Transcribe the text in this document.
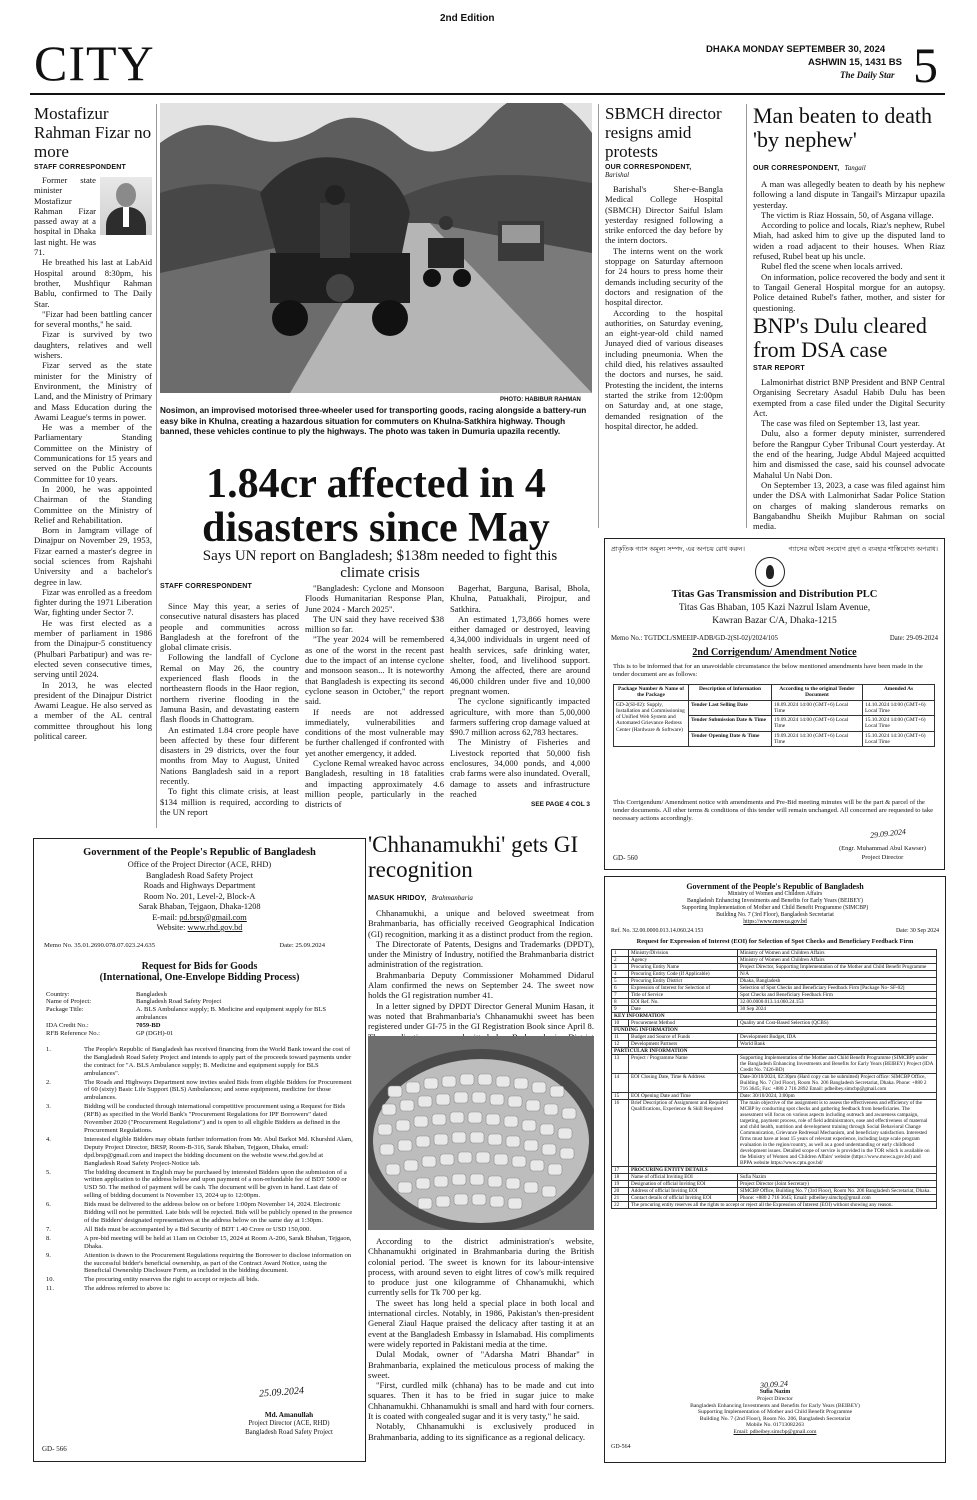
2nd Edition
CITY	DHAKA MONDAY SEPTEMBER 30, 2024
ASHWIN 15, 1431 BS
The Daily Star 5
Mostafizur Rahman Fizar no more
STAFF CORRESPONDENT

Former state minister Mostafizur Rahman Fizar passed away at a hospital in Dhaka last night. He was 71.

He breathed his last at LabAid Hospital around 8:30pm, his brother, Mushfiqur Rahman Bablu, confirmed to The Daily Star.

"Fizar had been battling cancer for several months," he said.

Fizar is survived by two daughters, relatives and well wishers.

Fizar served as the state minister for the Ministry of Environment, the Ministry of Land, and the Ministry of Primary and Mass Education during the Awami League's terms in power.

He was a member of the Parliamentary Standing Committee on the Ministry of Communications for 15 years and served on the Public Accounts Committee for 10 years.

In 2000, he was appointed Chairman of the Standing Committee on the Ministry of Relief and Rehabilitation.

Born in Jamgram village of Dinajpur on November 29, 1953, Fizar earned a master's degree in social sciences from Rajshahi University and a bachelor's degree in law.

Fizar was enrolled as a freedom fighter during the 1971 Liberation War, fighting under Sector 7.

He was first elected as a member of parliament in 1986 from the Dinajpur-5 constituency (Phulbari Parbatipur) and was re-elected seven consecutive times, serving until 2024.

In 2013, he was elected president of the Dinajpur District Awami League. He also served as a member of the AL central committee throughout his long political career.

PHOTO: HABIBUR RAHMAN
Nosimon, an improvised motorised three-wheeler used for transporting goods, racing alongside a battery-run easy bike in Khulna, creating a hazardous situation for commuters on Khulna-Satkhira highway. Though banned, these vehicles continue to ply the highways. The photo was taken in Dumuria upazila recently.
1.84cr affected in 4 disasters since May
Says UN report on Bangladesh; $138m needed to fight this climate crisis
STAFF CORRESPONDENT

Since May this year, a series of consecutive natural disasters has placed people and communities across Bangladesh at the forefront of the global climate crisis.

Following the landfall of Cyclone Remal on May 26, the country experienced flash floods in the northeastern floods in the Haor region, northern riverine flooding in the Jamuna Basin, and devastating eastern flash floods in Chattogram.

An estimated 1.84 crore people have been affected by these four different disasters in 29 districts, over the four months from May to August, United Nations Bangladesh said in a report recently.

To fight this climate crisis, at least $134 million is required, according to the UN report

"Bangladesh: Cyclone and Monsoon Floods Humanitarian Response Plan, June 2024 - March 2025".

The UN said they have received $38 million so far.

"The year 2024 will be remembered as one of the worst in the recent past due to the impact of an intense cyclone and monsoon season... It is noteworthy that Bangladesh is expecting its second cyclone season in October," the report said.

If needs are not addressed immediately, vulnerabilities and conditions of the most vulnerable may be further challenged if confronted with yet another emergency, it added.

Cyclone Remal wreaked havoc across Bangladesh, resulting in 18 fatalities and impacting approximately 4.6 million people, particularly in the districts of

Bagerhat, Barguna, Barisal, Bhola, Khulna, Patuakhali, Pirojpur, and Satkhira.

An estimated 1,73,866 homes were either damaged or destroyed, leaving 4,34,000 individuals in urgent need of health services, safe drinking water, shelter, food, and livelihood support. Among the affected, there are around 46,000 children under five and 10,000 pregnant women.

The cyclone significantly impacted agriculture, with more than 5,00,000 farmers suffering crop damage valued at $90.7 million across 62,783 hectares.

The Ministry of Fisheries and Livestock reported that 50,000 fish enclosures, 34,000 ponds, and 4,000 crab farms were also inundated. Overall, damage to assets and infrastructure reached

SEE PAGE 4 COL 3
SBMCH director resigns amid protests
OUR CORRESPONDENT,
Barishal

Barishal's Sher-e-Bangla Medical College Hospital (SBMCH) Director Saiful Islam yesterday resigned following a strike enforced the day before by the intern doctors.

The interns went on the work stoppage on Saturday afternoon for 24 hours to press home their demands including security of the doctors and resignation of the hospital director.

According to the hospital authorities, on Saturday evening, an eight-year-old child named Junayed died of various diseases including pneumonia. When the child died, his relatives assaulted the doctors and nurses, he said. Protesting the incident, the interns started the strike from 12:00pm on Saturday and, at one stage, demanded resignation of the hospital director, he added.

Man beaten to death 'by nephew'
OUR CORRESPONDENT, Tangail

A man was allegedly beaten to death by his nephew following a land dispute in Tangail's Mirzapur upazila yesterday.

The victim is Riaz Hossain, 50, of Asgana village.

According to police and locals, Riaz's nephew, Rubel Miah, had asked him to give up the disputed land to widen a road adjacent to their houses. When Riaz refused, Rubel beat up his uncle.

Rubel fled the scene when locals arrived.

On information, police recovered the body and sent it to Tangail General Hospital morgue for an autopsy. Police detained Rubel's father, mother, and sister for questioning.

BNP's Dulu cleared from DSA case
STAR REPORT

Lalmonirhat district BNP President and BNP Central Organising Secretary Asadul Habib Dulu has been exempted from a case filed under the Digital Security Act.

The case was filed on September 13, last year.

Dulu, also a former deputy minister, surrendered before the Rangpur Cyber Tribunal Court yesterday. At the end of the hearing, Judge Abdul Majeed acquitted him and dismissed the case, said his counsel advocate Mahalul Un Nabi Don.

On September 13, 2023, a case was filed against him under the DSA with Lalmonirhat Sadar Police Station on charges of making slanderous remarks on Bangabandhu Sheikh Mujibur Rahman on social media.

প্রাকৃতিক গ্যাস অমূল্য সম্পদ, এর অপচয় রোধ করুন।	গ্যাসের অবৈধ সংযোগ গ্রহণ ও ব্যবহার শাস্তিযোগ্য অপরাধ।
Titas Gas Transmission and Distribution PLC
Titas Gas Bhaban, 105 Kazi Nazrul Islam Avenue,
Kawran Bazar C/A, Dhaka-1215
Memo No.: TGTDCL/SMEEIP-ADB/GD-2(SI-02)/2024/105	Date: 29-09-2024
2nd Corrigendum/ Amendment Notice
This is to be informed that for an unavoidable circumstance the below mentioned amendments have been made in the tender document are as follows:
Package Number & Name of the Package	Description of Information	According to the original Tender Document	Amended As
GD-2(SI-02): Supply, Installation and Commissioning of Unified Web System and Automated Grievance Redress Center (Hardware & Software)	Tender Last Selling Date	18.09.2024 14:00 (GMT+6) Local Time	14.10.2024 14:00 (GMT+6) Local Time
	Tender Submission Date & Time	19.09.2024 14:00 (GMT+6) Local Time	15.10.2024 14:00 (GMT+6) Local Time
	Tender Opening Date & Time	19.09.2024 14:30 (GMT+6) Local Time	15.10.2024 14:30 (GMT+6) Local Time
This Corrigendum/ Amendment notice with amendments and Pre-Bid meeting minutes will be the part & parcel of the tender documents. All other terms & conditions of this tender will remain unchanged. All concerned are requested to take necessary actions accordingly.
29.09.2024
(Engr. Muhammad Abul Kawser)
Project Director
GD- 560
Government of the People's Republic of Bangladesh
Office of the Project Director (ACE, RHD)
Bangladesh Road Safety Project
Roads and Highways Department
Room No. 201, Level-2, Block-A
Sarak Bhaban, Tejgaon, Dhaka-1208
E-mail: pd.brsp@gmail.com
Website: www.rhd.gov.bd
Memo No. 35.01.2690.078.07.023.24.635	Date: 25.09.2024
Request for Bids for Goods
(International, One-Envelope Bidding Process)
Country:	Bangladesh
Name of Project:	Bangladesh Road Safety Project
Package Title:	A. BLS Ambulance supply; B. Medicine and equipment supply for BLS ambulances
IDA Credit No.:	7059-BD
RFB Reference No.:	GP (DGH)-01
1.	The People's Republic of Bangladesh has received financing from the World Bank toward the cost of the Bangladesh Road Safety Project and intends to apply part of the proceeds toward payments under the contract for "A. BLS Ambulance supply; B. Medicine and equipment supply for BLS ambulances".
2.	The Roads and Highways Department now invites sealed Bids from eligible Bidders for Procurement of 60 (sixty) Basic Life Support (BLS) Ambulances; and some equipment, medicine for those ambulances.
3.	Bidding will be conducted through international competitive procurement using a Request for Bids (RFB) as specified in the World Bank's "Procurement Regulations for IPF Borrowers" dated November 2020 ("Procurement Regulations") and is open to all eligible Bidders as defined in the Procurement Regulations.
4.	Interested eligible Bidders may obtain further information from Mr. Abul Barkot Md. Khurshid Alam, Deputy Project Director, BRSP, Room-B-316, Sarak Bhaban, Tejgaon, Dhaka, email: dpd.brsp@gmail.com and inspect the bidding document on the website www.rhd.gov.bd at Bangladesh Road Safety Project-Notice tab.
5.	The bidding document in English may be purchased by interested Bidders upon the submission of a written application to the address below and upon payment of a non-refundable fee of BDT 5000 or USD 50. The method of payment will be cash. The document will be given in hand. Last date of selling of bidding document is November 13, 2024 up to 12:00pm.
6.	Bids must be delivered to the address below on or before 1:00pm November 14, 2024. Electronic Bidding will not be permitted. Late bids will be rejected. Bids will be publicly opened in the presence of the Bidders' designated representatives at the address below on the same day at 1:30pm.
7.	All Bids must be accompanied by a Bid Security of BDT 1.40 Crore or USD 150,000.
8.	A pre-bid meeting will be held at 11am on October 15, 2024 at Room A-206, Sarak Bhaban, Tejgaon, Dhaka.
9.	Attention is drawn to the Procurement Regulations requiring the Borrower to disclose information on the successful bidder's beneficial ownership, as part of the Contract Award Notice, using the Beneficial Ownership Disclosure Form, as included in the bidding document.
10.	The procuring entity reserves the right to accept or rejects all bids.
11.	The address referred to above is:
25.09.2024
Md. Amanullah
Project Director (ACE, RHD)
Bangladesh Road Safety Project
GD- 566
'Chhanamukhi' gets GI recognition
MASUK HRIDOY, Brahmanbaria

Chhanamukhi, a unique and beloved sweetmeat from Brahmanbaria, has officially received Geographical Indication (GI) recognition, marking it as a distinct product from the region.

The Directorate of Patents, Designs and Trademarks (DPDT), under the Ministry of Industry, notified the Brahmanbaria district administration of the registration.

Brahmanbaria Deputy Commissioner Mohammed Didarul Alam confirmed the news on September 24. The sweet now holds the GI registration number 41.

In a letter signed by DPDT Director General Munim Hasan, it was noted that Brahmanbaria's Chhanamukhi sweet has been registered under GI-75 in the GI Registration Book since April 8.

According to the district administration's website, Chhanamukhi originated in Brahmanbaria during the British colonial period. The sweet is known for its labour-intensive process, with around seven to eight litres of cow's milk required to produce just one kilogramme of Chhanamukhi, which currently sells for Tk 700 per kg.

The sweet has long held a special place in both local and international circles. Notably, in 1986, Pakistan's then-president General Ziaul Haque praised the delicacy after tasting it at an event at the Bangladesh Embassy in Islamabad. His compliments were widely reported in Pakistani media at the time.

Dulal Modak, owner of "Adarsha Matri Bhandar" in Brahmanbaria, explained the meticulous process of making the sweet.

"First, curdled milk (chhana) has to be made and cut into squares. Then it has to be fried in sugar juice to make Chhanamukhi. Chhanamukhi is small and hard with four corners. It is coated with congealed sugar and it is very tasty," he said.

Notably, Chhanamukhi is exclusively produced in Brahmanbaria, adding to its significance as a regional delicacy.

Government of the People's Republic of Bangladesh
Ministry of Women and Children Affairs
Bangladesh Enhancing Investments and Benefits for Early Years (BEIBEY)
Supporting Implementation of Mother and Child Benefit Programme (SIMCBP)
Building No. 7 (3rd Floor), Bangladesh Secretariat
https://www.mowca.gov.bd
Ref. No. 32.00.0000.013.14.060.24.153	Date: 30 Sep 2024
Request for Expression of Interest (EOI) for Selection of Spot Checks and Beneficiary Feedback Firm
1	Ministry/Division	Ministry of Women and Children Affairs
2	Agency	Ministry of Women and Children Affairs
3	Procuring Entity Name	Project Director, Supporting Implementation of the Mother and Child Benefit Programme
4	Procuring Entity Code (If Applicable)	N/A
5	Procuring Entity District	Dhaka, Bangladesh
6	Expression of Interest for Selection of	Selection of Spot Checks and Beneficiary Feedback Firm [Package No- SF-02]
7	Title of Service	Spot Checks and Beneficiary Feedback Firm
8	EOI Ref. No.	32.00.0000.013.14.060.24.153
9	Date	30 Sep 2024
KEY INFORMATION		
10	Procurement Method	Quality and Cost-Based Selection (QCBS)
FUNDING INFORMATION		
11	Budget and Source of Funds	Development Budget, IDA
12	Development Partners	World Bank
PARTICULAR INFORMATION		
13	Project / Programme Name	Supporting Implementation of the Mother and Child Benefit Programme (SIMCBP) under the Bangladesh Enhancing Investments and Benefits for Early Years (BEIBEY) Project (IDA Credit No. 7426-BD)
14	EOI Closing Date, Time & Address	Date-30/10/2024, 02:30pm (Hard copy can be submitted) Project office: SIMCBP Office, Building No. 7 (3rd Floor), Room No. 206 Bangladesh Secretariat, Dhaka. Phone: +880 2 716 3645; Fax: +880 2 716 2892 Email: pdbeibey.simcbp@gmail.com
15	EOI Opening Date and Time	Date: 30/10/2024, 3:00pm
16	Brief Description of Assignment and Required Qualifications, Experience & Skill Required	The main objective of the assignment is to assess the effectiveness and efficiency of the MCBP by conducting spot checks and gathering feedback from beneficiaries. The assessment will focus on various aspects including outreach and awareness campaign, targeting, payment process, role of field administrators, ease and effectiveness of maternal and child health, nutrition and development training through Social Behavioral Change Communication, Grievance Redressal Mechanism, and beneficiary satisfaction. Interested firms must have at least 15 years of relevant experience, including large scale program evaluation in the region/country, as well as a good understanding or early childhood development issues. Detailed scope of service is provided in the TOR which is available on the Ministry of Women and Children Affairs' website (https://www.mowca.gov.bd) and BPPA website https://www.cptu.gov.bd/
17	PROCURING ENTITY DETAILS	
18	Name of official Inviting EOI	Sufia Nazim
19	Designation of official Inviting EOI	Project Director (Joint Secretary)
20	Address of official Inviting EOI	SIMCBP Office, Building No. 7 (3rd Floor), Room No. 206 Bangladesh Secretariat, Dhaka.
21	Contact details of official Inviting EOI	Phone: +880 2 716 3645; Email: pdbeibey.simcbp@gmail.com
22	The procuring entity reserves all the rights to accept or reject all the Expression of Interest (EOI) without showing any reason.	
30.09.24
Sufia Nazim
Project Director
Bangladesh Enhancing Investments and Benefits for Early Years (BEIBEY)
Supporting Implementation of Mother and Child Benefit Programme
Building No. 7 (2nd Floor), Room No. 206, Bangladesh Secretariat
Mobile No. 01713082263
Email: pdbeibey.simcbp@gmail.com
GD-564
